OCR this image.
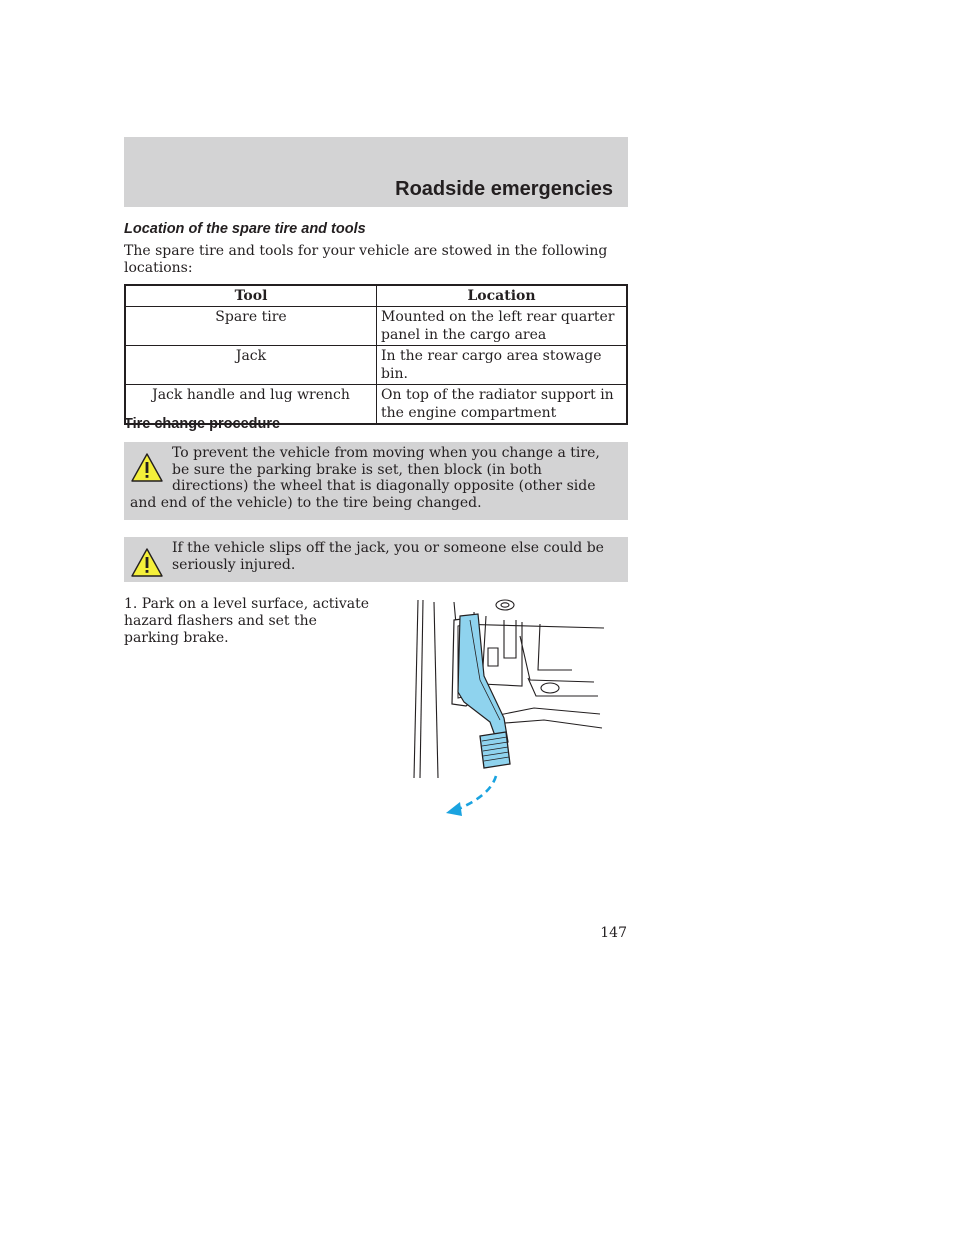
Roadside emergencies
Location of the spare tire and tools

The spare tire and tools for your vehicle are stowed in the following locations:

Tool	Location
Spare tire	Mounted on the left rear quarter panel in the cargo area
Jack	In the rear cargo area stowage bin.
Jack handle and lug wrench	On top of the radiator support in the engine compartment
Tire change procedure
To prevent the vehicle from moving when you change a tire, be sure the parking brake is set, then block (in both directions) the wheel that is diagonally opposite (other side and end of the vehicle) to the tire being changed.
If the vehicle slips off the jack, you or someone else could be seriously injured.

1. Park on a level surface, activate hazard flashers and set the parking brake.

147
